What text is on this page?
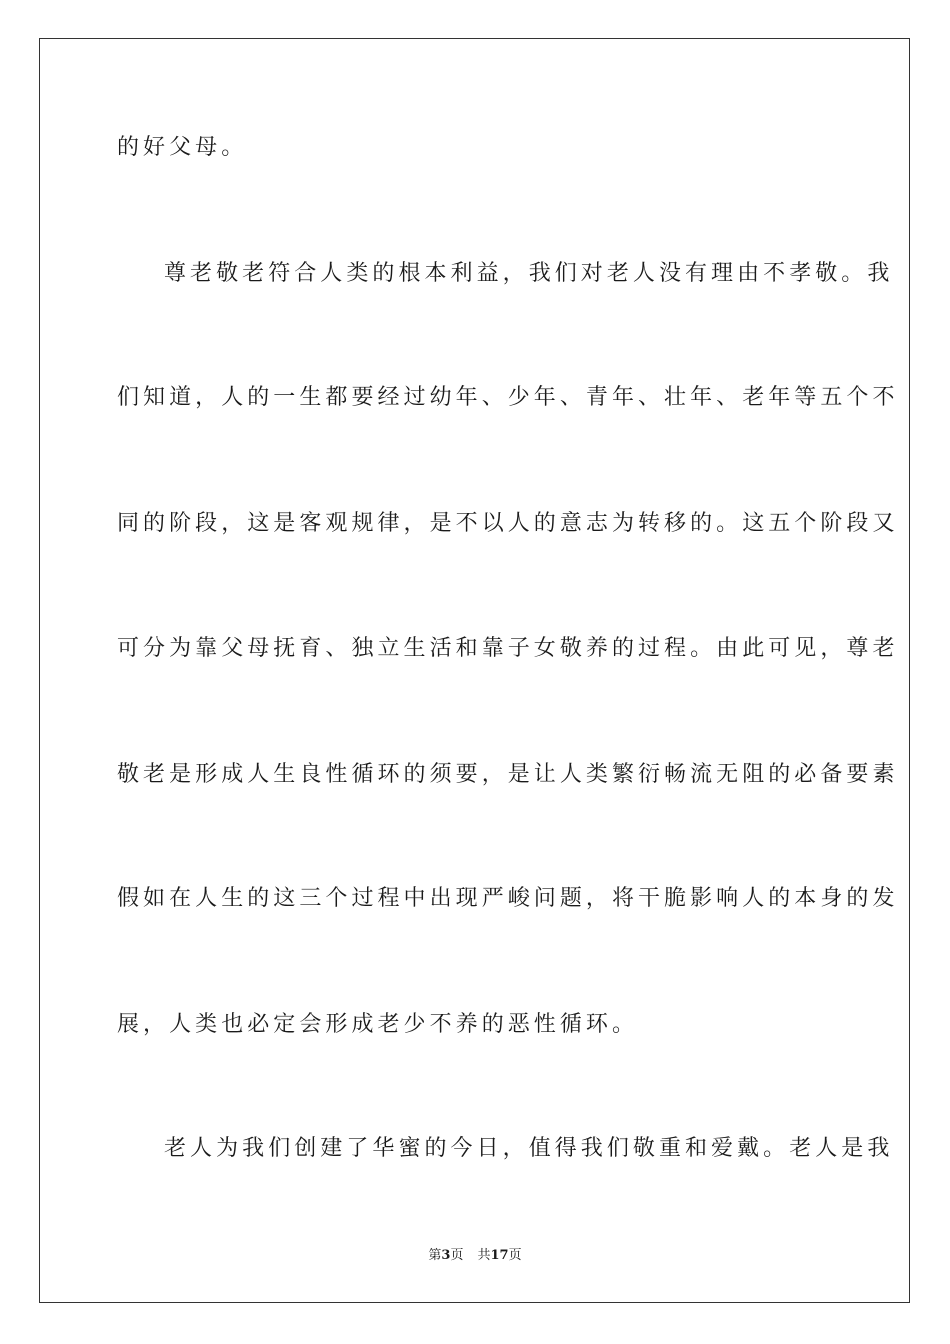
的好父母。
尊老敬老符合人类的根本利益，我们对老人没有理由不孝敬。我
们知道，人的一生都要经过幼年、少年、青年、壮年、老年等五个不
同的阶段，这是客观规律，是不以人的意志为转移的。这五个阶段又
可分为靠父母抚育、独立生活和靠子女敬养的过程。由此可见，尊老
敬老是形成人生良性循环的须要，是让人类繁衍畅流无阻的必备要素
假如在人生的这三个过程中出现严峻问题，将干脆影响人的本身的发
展，人类也必定会形成老少不养的恶性循环。
老人为我们创建了华蜜的今日，值得我们敬重和爱戴。老人是我
第3页 共17页
